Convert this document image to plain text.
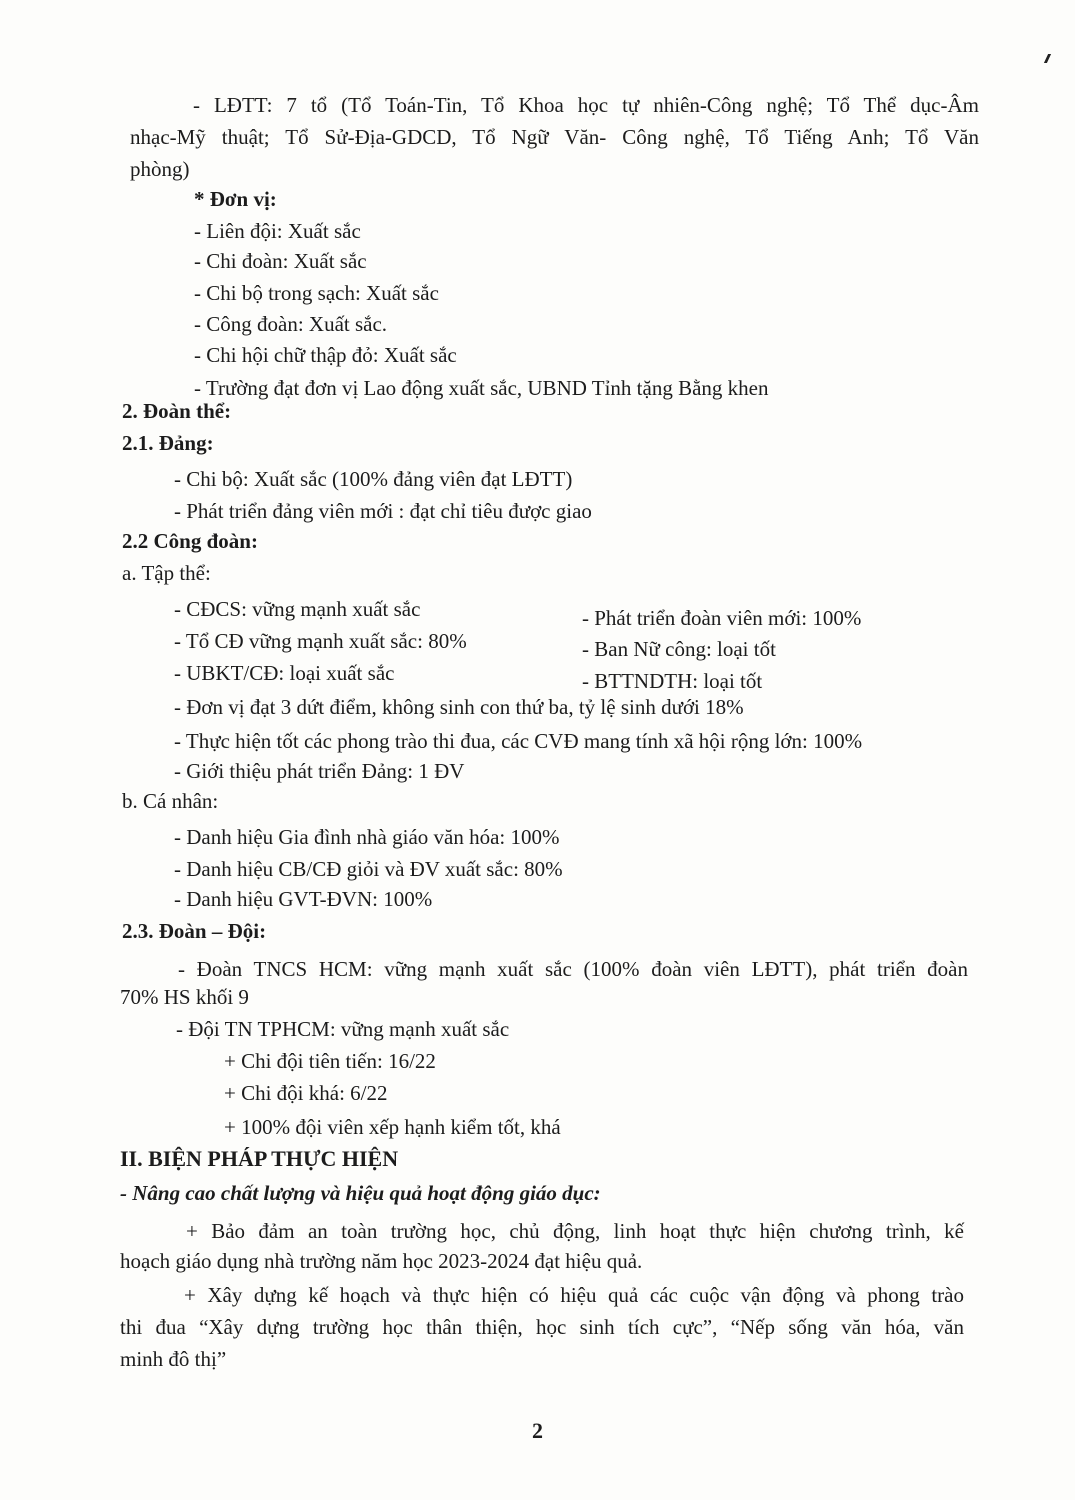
- LĐTT: 7 tổ (Tổ Toán-Tin, Tổ Khoa học tự nhiên-Công nghệ; Tổ Thể dục-Âm
nhạc-Mỹ thuật; Tổ Sử-Địa-GDCD, Tổ Ngữ Văn- Công nghệ, Tổ Tiếng Anh; Tổ Văn
phòng)
* Đơn vị:
- Liên đội: Xuất sắc
- Chi đoàn: Xuất sắc
- Chi bộ trong sạch: Xuất sắc
- Công đoàn: Xuất sắc.
- Chi hội chữ thập đỏ: Xuất sắc
- Trường đạt đơn vị Lao động xuất sắc, UBND Tỉnh tặng Bằng khen
2. Đoàn thể:
2.1. Đảng:
- Chi bộ: Xuất sắc (100% đảng viên đạt LĐTT)
- Phát triển đảng viên mới : đạt chỉ tiêu được giao
2.2 Công đoàn:
a. Tập thể:
- CĐCS: vững mạnh xuất sắc	- Phát triển đoàn viên mới: 100%
- Tổ CĐ vững mạnh xuất sắc: 80%	- Ban Nữ công: loại tốt
- UBKT/CĐ: loại xuất sắc	- BTTNDTH: loại tốt
- Đơn vị đạt 3 dứt điểm, không sinh con thứ ba, tỷ lệ sinh dưới 18%
- Thực hiện tốt các phong trào thi đua, các CVĐ mang tính xã hội rộng lớn: 100%
- Giới thiệu phát triển Đảng: 1 ĐV
b. Cá nhân:
- Danh hiệu Gia đình nhà giáo văn hóa: 100%
- Danh hiệu CB/CĐ giỏi và ĐV xuất sắc: 80%
- Danh hiệu GVT-ĐVN: 100%
2.3. Đoàn – Đội:
- Đoàn TNCS HCM: vững mạnh xuất sắc (100% đoàn viên LĐTT), phát triển đoàn
70% HS khối 9
- Đội TN TPHCM: vững mạnh xuất sắc
+ Chi đội tiên tiến: 16/22
+ Chi đội khá: 6/22
+ 100% đội viên xếp hạnh kiểm tốt, khá
II. BIỆN PHÁP THỰC HIỆN
- Nâng cao chất lượng và hiệu quả hoạt động giáo dục:
+ Bảo đảm an toàn trường học, chủ động, linh hoạt thực hiện chương trình, kế
hoạch giáo dụng nhà trường năm học 2023-2024 đạt hiệu quả.
+ Xây dựng kế hoạch và thực hiện có hiệu quả các cuộc vận động và phong trào
thi đua “Xây dựng trường học thân thiện, học sinh tích cực”, “Nếp sống văn hóa, văn
minh đô thị”
2
